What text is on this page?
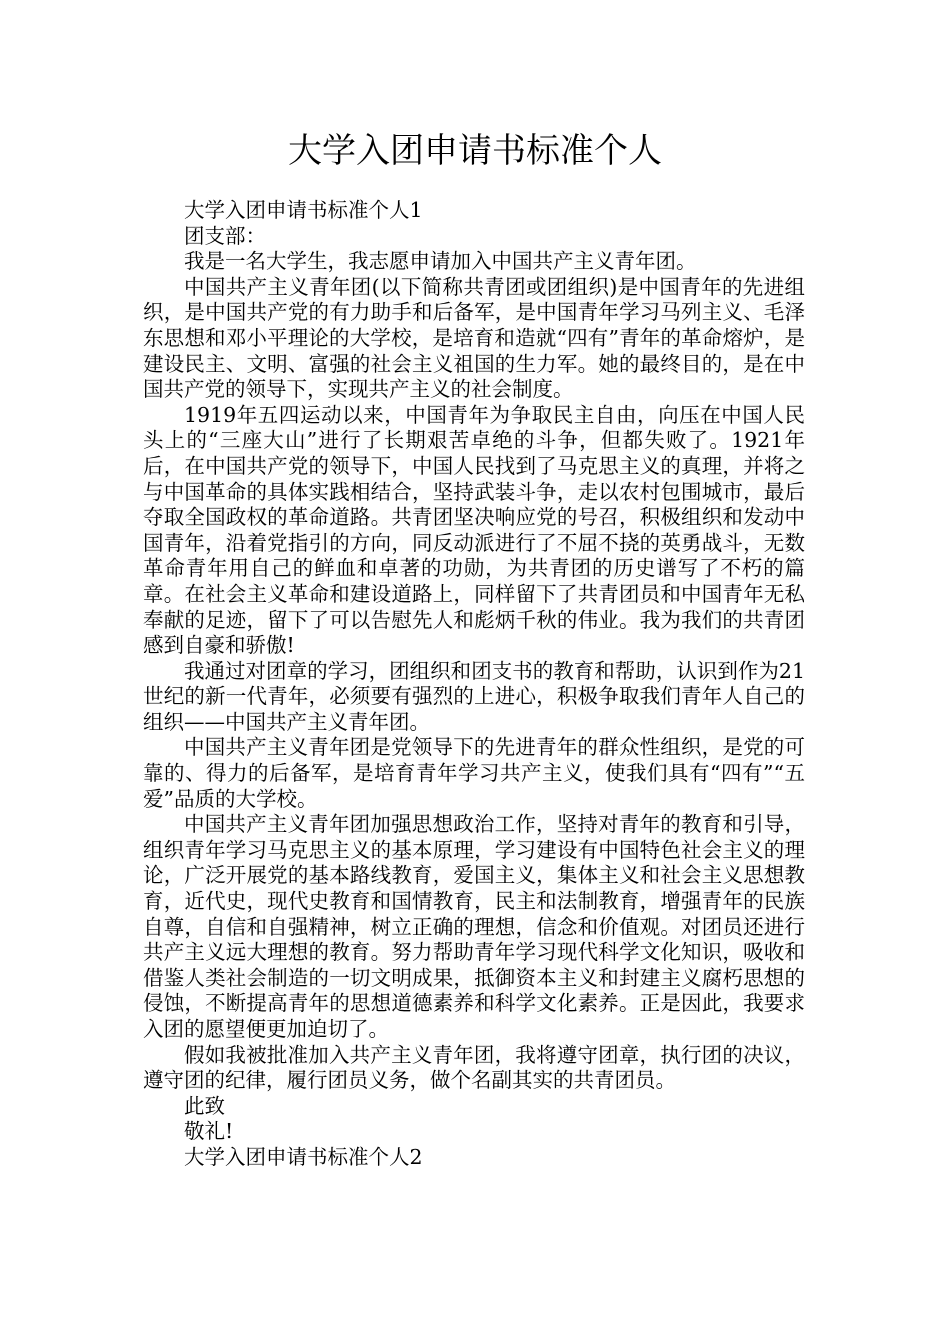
大学入团申请书标准个人

大学入团申请书标准个人1

团支部：

我是一名大学生，我志愿申请加入中国共产主义青年团。

中国共产主义青年团(以下简称共青团或团组织)是中国青年的先进组织，是中国共产党的有力助手和后备军，是中国青年学习马列主义、毛泽东思想和邓小平理论的大学校，是培育和造就“四有”青年的革命熔炉，是建设民主、文明、富强的社会主义祖国的生力军。她的最终目的，是在中国共产党的领导下，实现共产主义的社会制度。

1919年五四运动以来，中国青年为争取民主自由，向压在中国人民头上的“三座大山”进行了长期艰苦卓绝的斗争，但都失败了。1921年后，在中国共产党的领导下，中国人民找到了马克思主义的真理，并将之与中国革命的具体实践相结合，坚持武装斗争，走以农村包围城市，最后夺取全国政权的革命道路。共青团坚决响应党的号召，积极组织和发动中国青年，沿着党指引的方向，同反动派进行了不屈不挠的英勇战斗，无数革命青年用自己的鲜血和卓著的功勋，为共青团的历史谱写了不朽的篇章。在社会主义革命和建设道路上，同样留下了共青团员和中国青年无私奉献的足迹，留下了可以告慰先人和彪炳千秋的伟业。我为我们的共青团感到自豪和骄傲!

我通过对团章的学习，团组织和团支书的教育和帮助，认识到作为21世纪的新一代青年，必须要有强烈的上进心，积极争取我们青年人自己的组织——中国共产主义青年团。

中国共产主义青年团是党领导下的先进青年的群众性组织，是党的可靠的、得力的后备军，是培育青年学习共产主义，使我们具有“四有”“五爱”品质的大学校。

中国共产主义青年团加强思想政治工作，坚持对青年的教育和引导，组织青年学习马克思主义的基本原理，学习建设有中国特色社会主义的理论，广泛开展党的基本路线教育，爱国主义，集体主义和社会主义思想教育，近代史，现代史教育和国情教育，民主和法制教育，增强青年的民族自尊，自信和自强精神，树立正确的理想，信念和价值观。对团员还进行共产主义远大理想的教育。努力帮助青年学习现代科学文化知识，吸收和借鉴人类社会制造的一切文明成果，抵御资本主义和封建主义腐朽思想的侵蚀，不断提高青年的思想道德素养和科学文化素养。正是因此，我要求入团的愿望便更加迫切了。

假如我被批准加入共产主义青年团，我将遵守团章，执行团的决议，遵守团的纪律，履行团员义务，做个名副其实的共青团员。

此致

敬礼!

大学入团申请书标准个人2
